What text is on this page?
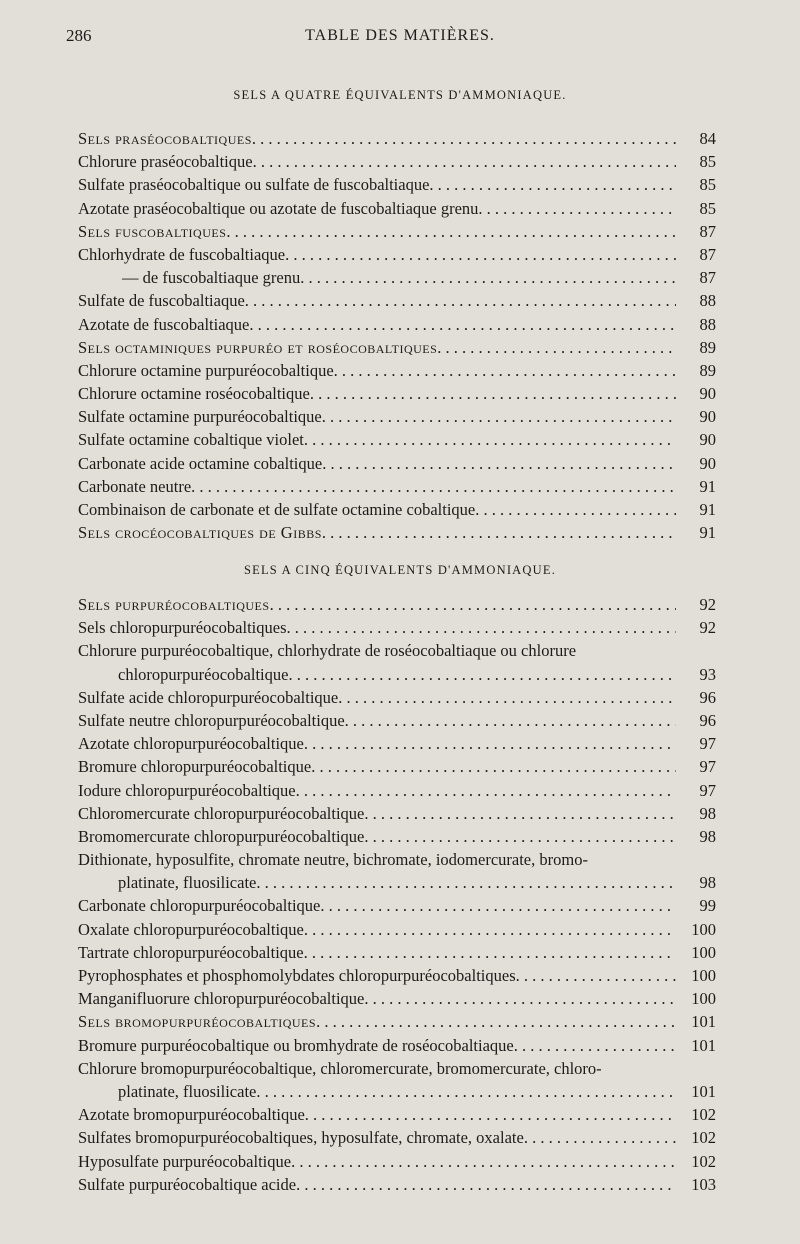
286	TABLE DES MATIÈRES.
SELS A QUATRE ÉQUIVALENTS D'AMMONIAQUE.
Sels praséocobaltiques . . .	84
Chlorure praséocobaltique . . .	85
Sulfate praséocobaltique ou sulfate de fuscobaltiaque . . .	85
Azotate praséocobaltique ou azotate de fuscobaltiaque grenu . . .	85
Sels fuscobaltiques . . .	87
Chlorhydrate de fuscobaltiaque . . .	87
— de fuscobaltiaque grenu . . .	87
Sulfate de fuscobaltiaque . . .	88
Azotate de fuscobaltiaque . . .	88
Sels octaminiques purpuréo et roséocobaltiques . . .	89
Chlorure octamine purpuréocobaltique . . .	89
Chlorure octamine roséocobaltique . . .	90
Sulfate octamine purpuréocobaltique . . .	90
Sulfate octamine cobaltique violet . . .	90
Carbonate acide octamine cobaltique . . .	90
Carbonate neutre . . .	91
Combinaison de carbonate et de sulfate octamine cobaltique . . .	91
Sels crocéocobaltiques de Gibbs . . .	91
SELS A CINQ ÉQUIVALENTS D'AMMONIAQUE.
Sels purpuréocobaltiques . . .	92
Sels chloropurpuréocobaltiques . . .	92
Chlorure purpuréocobaltique, chlorhydrate de roséocobaltiaque ou chlorure
chloropurpuréocobaltique . . .	93
Sulfate acide chloropurpuréocobaltique . . .	96
Sulfate neutre chloropurpuréocobaltique . . .	96
Azotate chloropurpuréocobaltique . . .	97
Bromure chloropurpuréocobaltique . . .	97
Iodure chloropurpuréocobaltique . . .	97
Chloromercurate chloropurpuréocobaltique . . .	98
Bromomercurate chloropurpuréocobaltique . . .	98
Dithionate, hyposulfite, chromate neutre, bichromate, iodomercurate, bromo-
platinate, fluosilicate . . .	98
Carbonate chloropurpuréocobaltique . . .	99
Oxalate chloropurpuréocobaltique . . .	100
Tartrate chloropurpuréocobaltique . . .	100
Pyrophosphates et phosphomolybdates chloropurpuréocobaltiques . . .	100
Manganifluorure chloropurpuréocobaltique . . .	100
Sels bromopurpuréocobaltiques . . .	101
Bromure purpuréocobaltique ou bromhydrate de roséocobaltiaque . . .	101
Chlorure bromopurpuréocobaltique, chloromercurate, bromomercurate, chloro-
platinate, fluosilicate . . .	101
Azotate bromopurpuréocobaltique . . .	102
Sulfates bromopurpuréocobaltiques, hyposulfate, chromate, oxalate . . .	102
Hyposulfate purpuréocobaltique . . .	102
Sulfate purpuréocobaltique acide . . .	103
